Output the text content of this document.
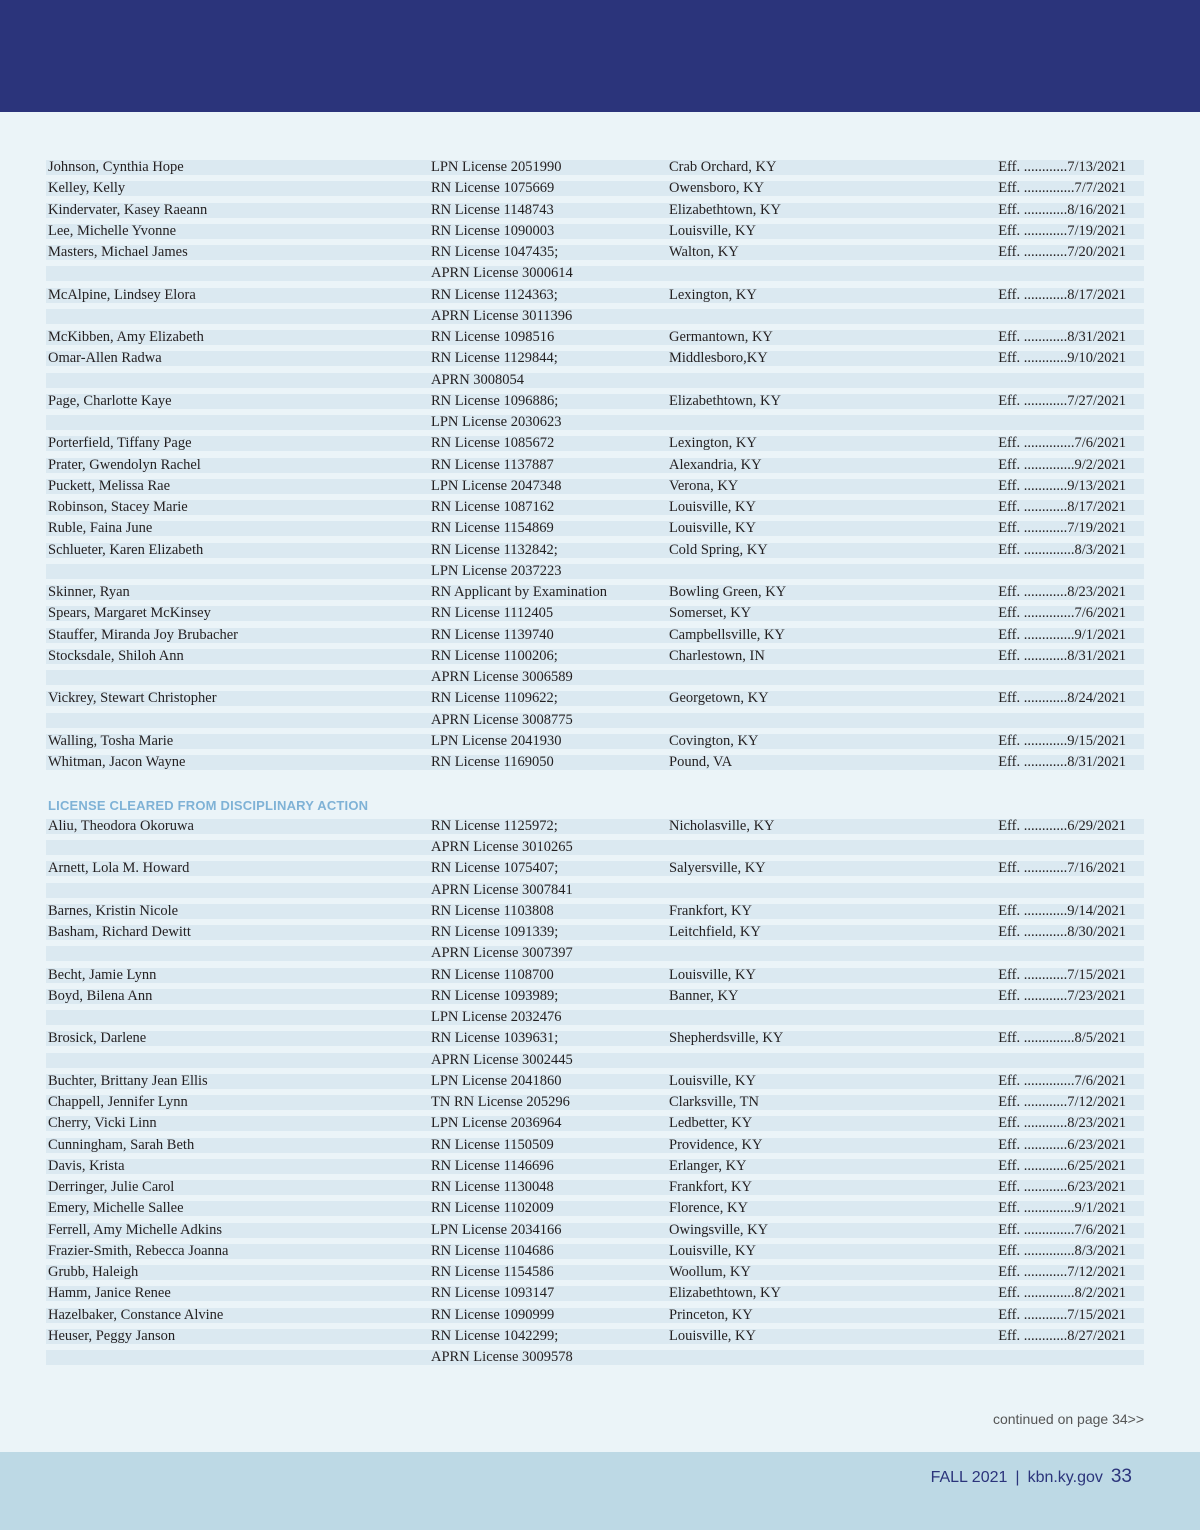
Johnson, Cynthia Hope	LPN License 2051990	Crab Orchard, KY	Eff. ............7/13/2021
Kelley, Kelly	RN License 1075669	Owensboro, KY	Eff. ..............7/7/2021
Kindervater, Kasey Raeann	RN License 1148743	Elizabethtown, KY	Eff. ............8/16/2021
Lee, Michelle Yvonne	RN License 1090003	Louisville, KY	Eff. ............7/19/2021
Masters, Michael James	RN License 1047435;	Walton, KY	Eff. ............7/20/2021
APRN License 3000614
McAlpine, Lindsey Elora	RN License 1124363;	Lexington, KY	Eff. ............8/17/2021
APRN License 3011396
McKibben, Amy Elizabeth	RN License 1098516	Germantown, KY	Eff. ............8/31/2021
Omar-Allen Radwa	RN License 1129844;	Middlesboro,KY	Eff. ............9/10/2021
APRN 3008054
Page, Charlotte Kaye	RN License 1096886;	Elizabethtown, KY	Eff. ............7/27/2021
LPN License 2030623
Porterfield, Tiffany Page	RN License 1085672	Lexington, KY	Eff. ..............7/6/2021
Prater, Gwendolyn Rachel	RN License 1137887	Alexandria, KY	Eff. ..............9/2/2021
Puckett, Melissa Rae	LPN License 2047348	Verona, KY	Eff. ............9/13/2021
Robinson, Stacey Marie	RN License 1087162	Louisville, KY	Eff. ............8/17/2021
Ruble, Faina June	RN License 1154869	Louisville, KY	Eff. ............7/19/2021
Schlueter, Karen Elizabeth	RN License 1132842;	Cold Spring, KY	Eff. ..............8/3/2021
LPN License 2037223
Skinner, Ryan	RN Applicant by Examination	Bowling Green, KY	Eff. ............8/23/2021
Spears, Margaret McKinsey	RN License 1112405	Somerset, KY	Eff. ..............7/6/2021
Stauffer, Miranda Joy Brubacher	RN License 1139740	Campbellsville, KY	Eff. ..............9/1/2021
Stocksdale, Shiloh Ann	RN License 1100206;	Charlestown, IN	Eff. ............8/31/2021
APRN License 3006589
Vickrey, Stewart Christopher	RN License 1109622;	Georgetown, KY	Eff. ............8/24/2021
APRN License 3008775
Walling, Tosha Marie	LPN License 2041930	Covington, KY	Eff. ............9/15/2021
Whitman, Jacon Wayne	RN License 1169050	Pound, VA	Eff. ............8/31/2021
LICENSE CLEARED FROM DISCIPLINARY ACTION
Aliu, Theodora Okoruwa	RN License 1125972;	Nicholasville, KY	Eff. ............6/29/2021
APRN License 3010265
Arnett, Lola M. Howard	RN License 1075407;	Salyersville, KY	Eff. ............7/16/2021
APRN License 3007841
Barnes, Kristin Nicole	RN License 1103808	Frankfort, KY	Eff. ............9/14/2021
Basham, Richard Dewitt	RN License 1091339;	Leitchfield, KY	Eff. ............8/30/2021
APRN License 3007397
Becht, Jamie Lynn	RN License 1108700	Louisville, KY	Eff. ............7/15/2021
Boyd, Bilena Ann	RN License 1093989;	Banner, KY	Eff. ............7/23/2021
LPN License 2032476
Brosick, Darlene	RN License 1039631;	Shepherdsville, KY	Eff. ..............8/5/2021
APRN License 3002445
Buchter, Brittany Jean Ellis	LPN License 2041860	Louisville, KY	Eff. ..............7/6/2021
Chappell, Jennifer Lynn	TN RN License 205296	Clarksville, TN	Eff. ............7/12/2021
Cherry, Vicki Linn	LPN License 2036964	Ledbetter, KY	Eff. ............8/23/2021
Cunningham, Sarah Beth	RN License 1150509	Providence, KY	Eff. ............6/23/2021
Davis, Krista	RN License 1146696	Erlanger, KY	Eff. ............6/25/2021
Derringer, Julie Carol	RN License 1130048	Frankfort, KY	Eff. ............6/23/2021
Emery, Michelle Sallee	RN License 1102009	Florence, KY	Eff. ..............9/1/2021
Ferrell, Amy Michelle Adkins	LPN License 2034166	Owingsville, KY	Eff. ..............7/6/2021
Frazier-Smith, Rebecca Joanna	RN License 1104686	Louisville, KY	Eff. ..............8/3/2021
Grubb, Haleigh	RN License 1154586	Woollum, KY	Eff. ............7/12/2021
Hamm, Janice Renee	RN License 1093147	Elizabethtown, KY	Eff. ..............8/2/2021
Hazelbaker, Constance Alvine	RN License 1090999	Princeton, KY	Eff. ............7/15/2021
Heuser, Peggy Janson	RN License 1042299;	Louisville, KY	Eff. ............8/27/2021
APRN License 3009578
continued on page 34>>
FALL 2021 | kbn.ky.gov 33
